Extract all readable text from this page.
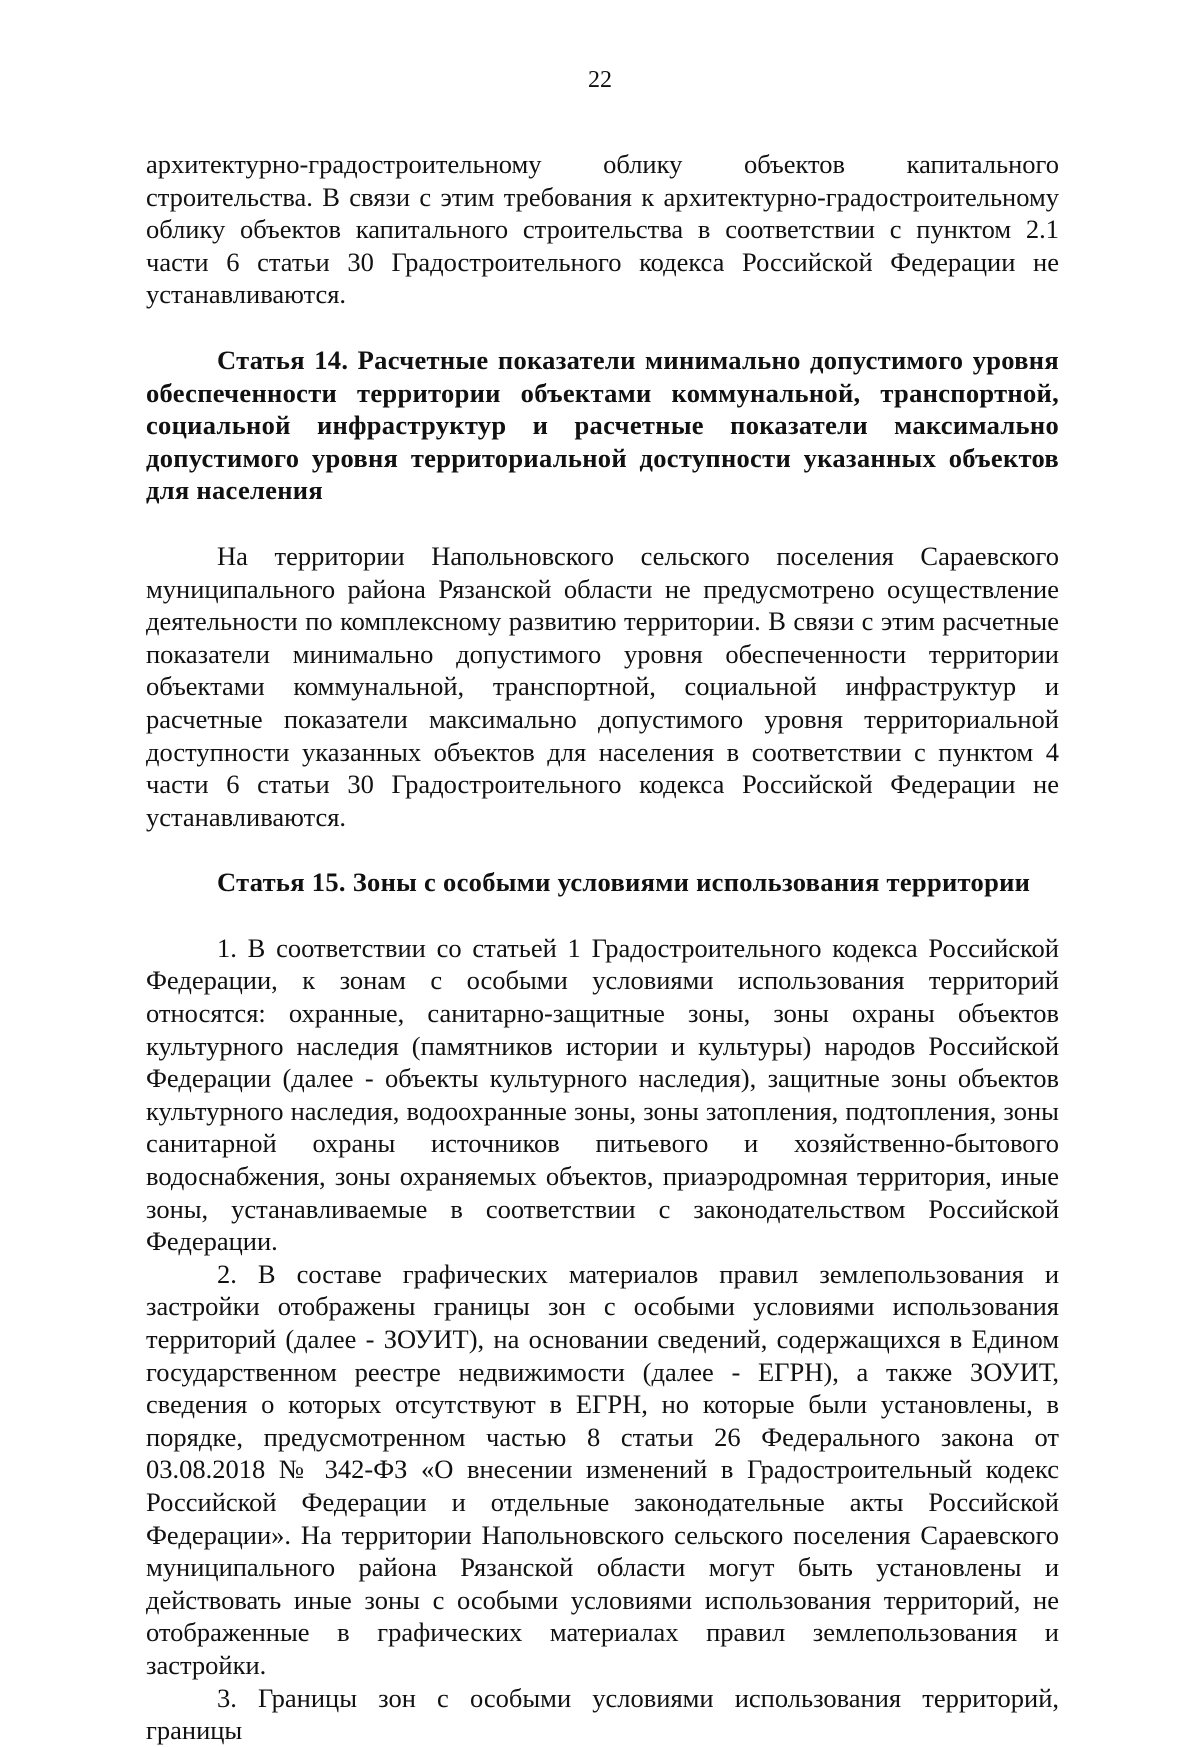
22

архитектурно-градостроительному облику объектов капитального строительства. В связи с этим требования к архитектурно-градостроительному облику объектов капитального строительства в соответствии с пунктом 2.1 части 6 статьи 30 Градостроительного кодекса Российской Федерации не устанавливаются.

Статья 14. Расчетные показатели минимально допустимого уровня обеспеченности территории объектами коммунальной, транспортной, социальной инфраструктур и расчетные показатели максимально допустимого уровня территориальной доступности указанных объектов для населения

На территории Напольновского сельского поселения Сараевского муниципального района Рязанской области не предусмотрено осуществление деятельности по комплексному развитию территории. В связи с этим расчетные показатели минимально допустимого уровня обеспеченности территории объектами коммунальной, транспортной, социальной инфраструктур и расчетные показатели максимально допустимого уровня территориальной доступности указанных объектов для населения в соответствии с пунктом 4 части 6 статьи 30 Градостроительного кодекса Российской Федерации не устанавливаются.

Статья 15. Зоны с особыми условиями использования территории

1. В соответствии со статьей 1 Градостроительного кодекса Российской Федерации, к зонам с особыми условиями использования территорий относятся: охранные, санитарно-защитные зоны, зоны охраны объектов культурного наследия (памятников истории и культуры) народов Российской Федерации (далее - объекты культурного наследия), защитные зоны объектов культурного наследия, водоохранные зоны, зоны затопления, подтопления, зоны санитарной охраны источников питьевого и хозяйственно-бытового водоснабжения, зоны охраняемых объектов, приаэродромная территория, иные зоны, устанавливаемые в соответствии с законодательством Российской Федерации.

2. В составе графических материалов правил землепользования и застройки отображены границы зон с особыми условиями использования территорий (далее - ЗОУИТ), на основании сведений, содержащихся в Едином государственном реестре недвижимости (далее - ЕГРН), а также ЗОУИТ, сведения о которых отсутствуют в ЕГРН, но которые были установлены, в порядке, предусмотренном частью 8 статьи 26 Федерального закона от 03.08.2018 № 342-ФЗ «О внесении изменений в Градостроительный кодекс Российской Федерации и отдельные законодательные акты Российской Федерации». На территории Напольновского сельского поселения Сараевского муниципального района Рязанской области могут быть установлены и действовать иные зоны с особыми условиями использования территорий, не отображенные в графических материалах правил землепользования и застройки.

3. Границы зон с особыми условиями использования территорий, границы
